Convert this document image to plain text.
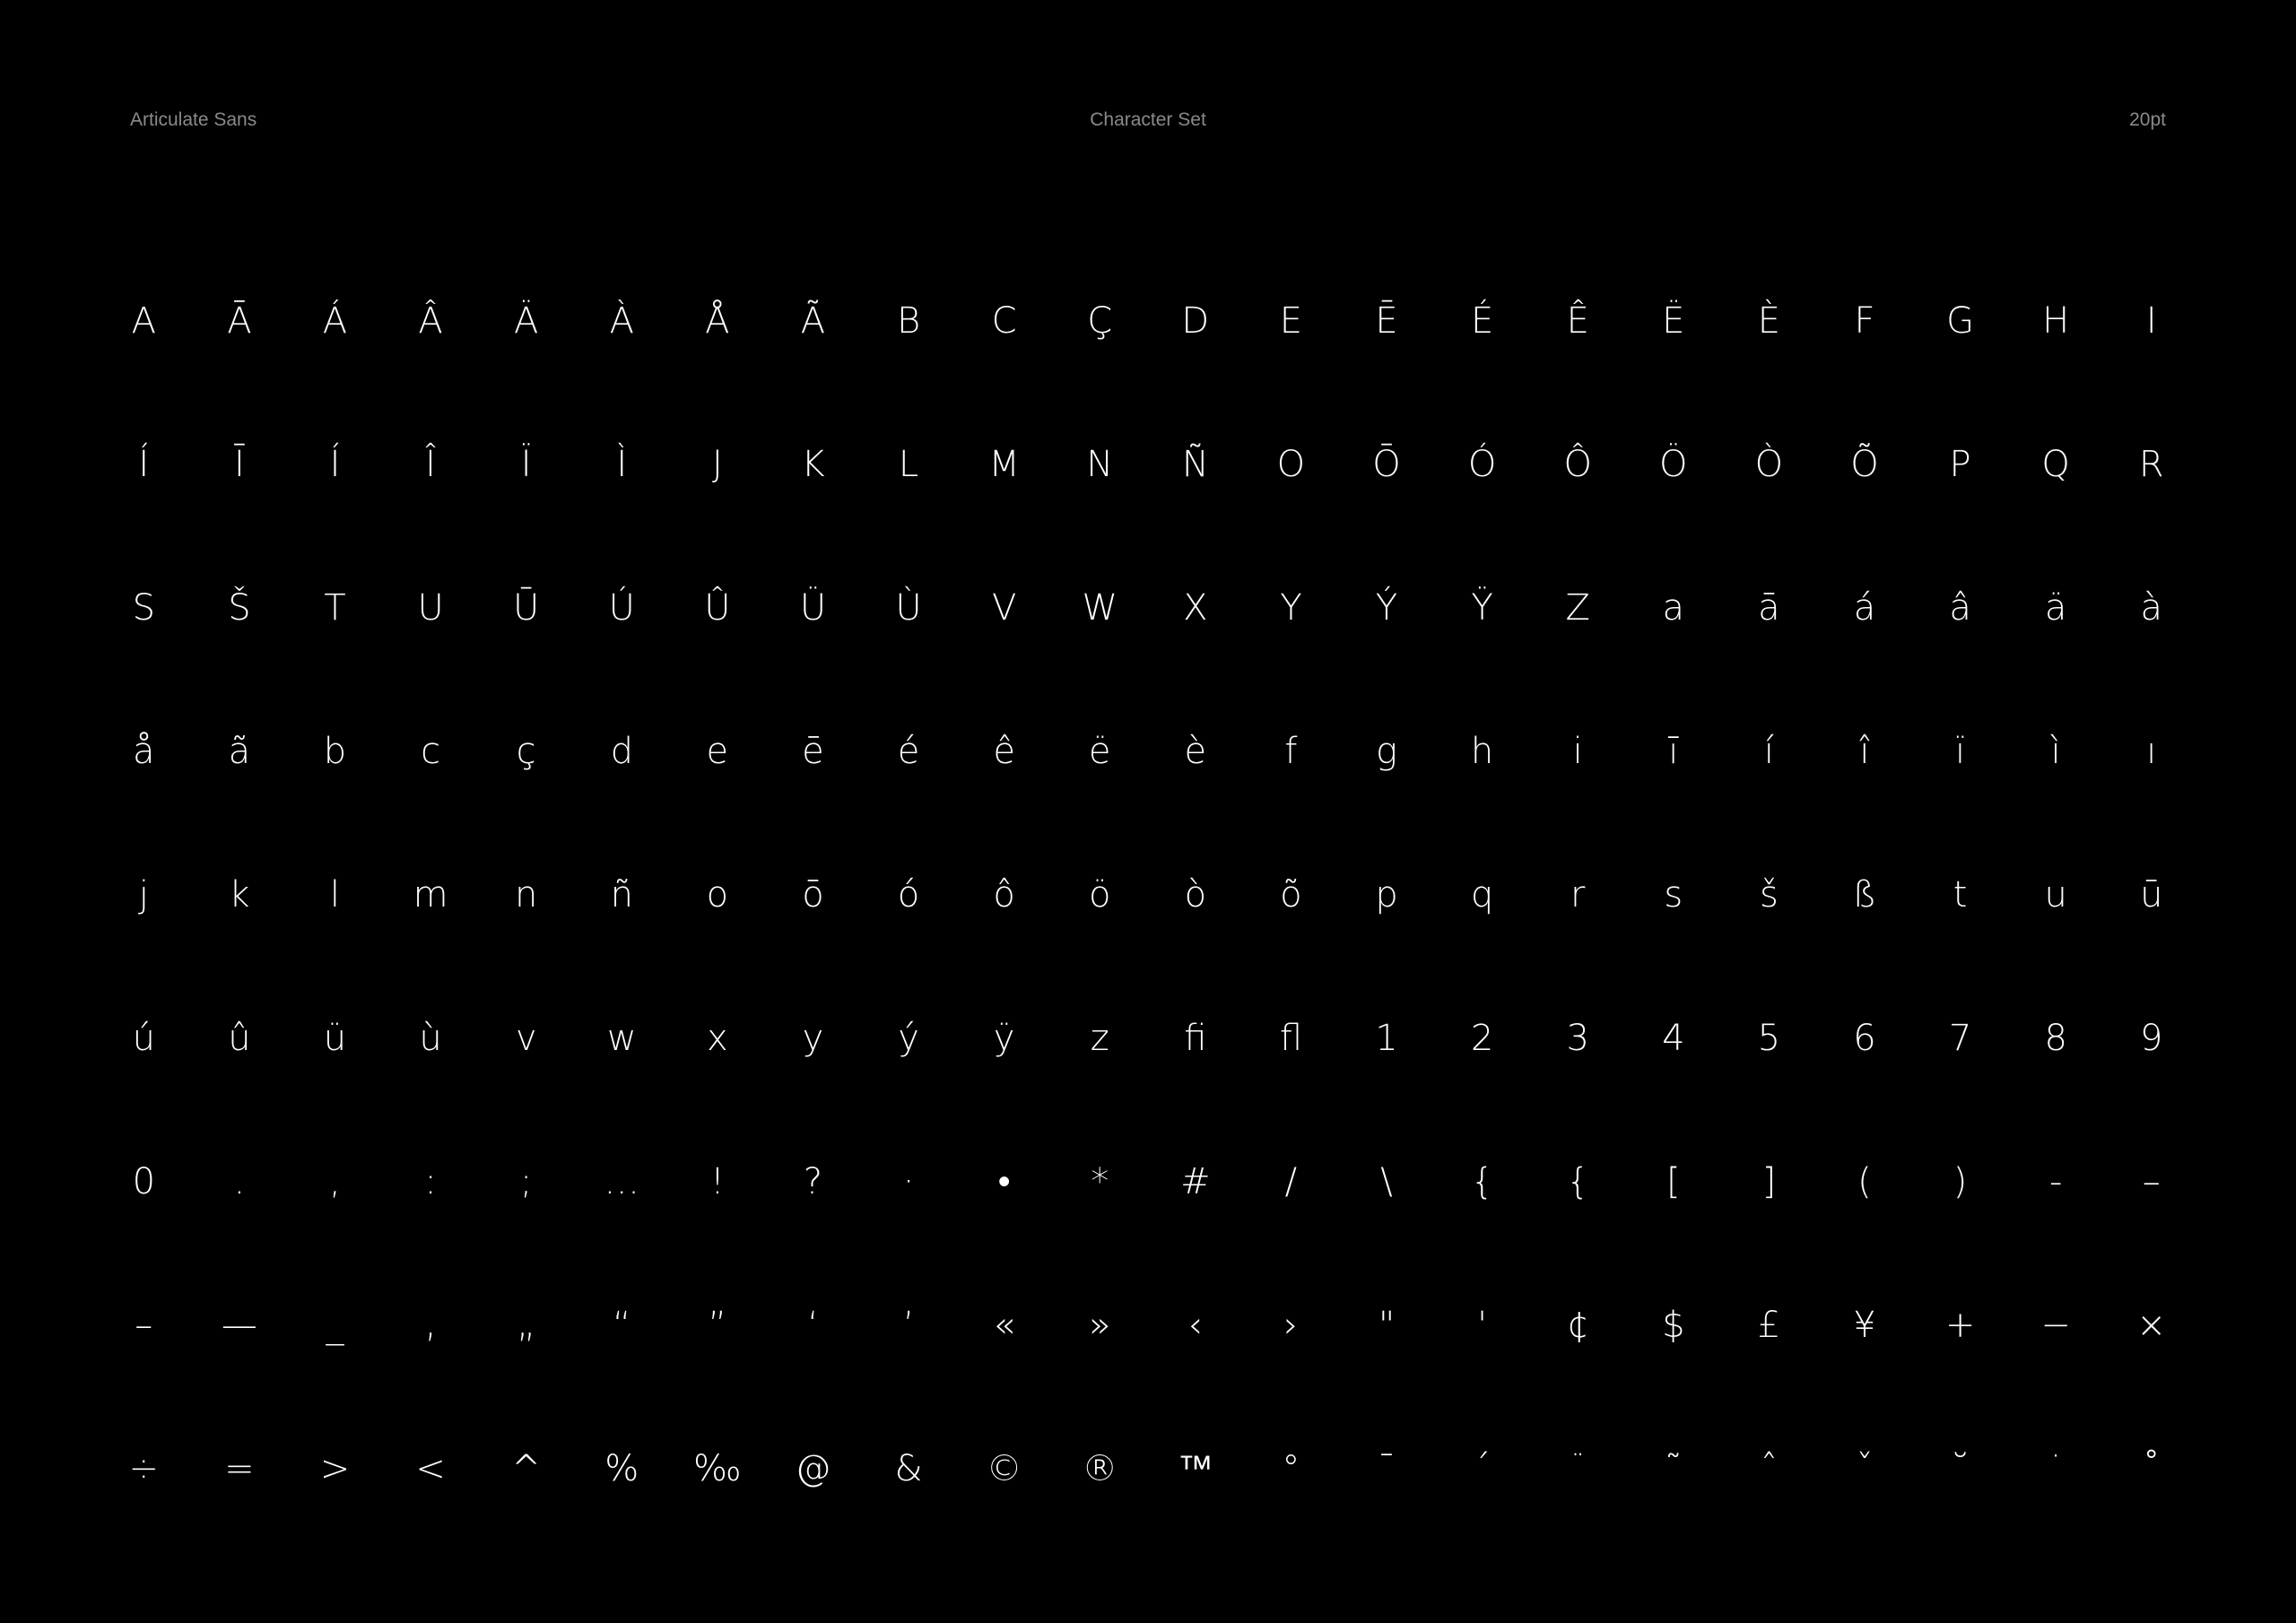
Articulate Sans	Character Set	20pt
A	Ā	Á	Â	Ä	À	Å	Ã	B	C	Ç	D	E	Ē	É	Ê	Ë	È	F	G	H	I
Í	Ī	Í	Î	Ï	Ì	J	K	L	M	N	Ñ	O	Ō	Ó	Ô	Ö	Ò	Õ	P	Q	R
S	Š	T	U	Ū	Ú	Û	Ü	Ù	V	W	X	Y	Ý	Ÿ	Z	a	ā	á	â	ä	à
å	ã	b	c	ç	d	e	ē	é	ê	ë	è	f	g	h	i	ī	í	î	ï	ì	ı
j	k	l	m	n	ñ	o	ō	ó	ô	ö	ò	õ	p	q	r	s	š	ß	t	u	ū
ú	û	ü	ù	v	w	x	y	ý	ÿ	z	ﬁ	ﬂ	1	2	3	4	5	6	7	8	9
0	.	,	:	;	…	!	?	·	•	*	#	/	\	{	{	[	]	(	)	-	–
–	—	_	‚	„	“	”	‘	’	«	»	‹	›	"	'	¢	$	£	¥	+	−	×
÷	=	>	<	^	%	‰	@	&	©	®	™	°	¯	´	¨	˜	ˆ	ˇ	˘	˙	˚
